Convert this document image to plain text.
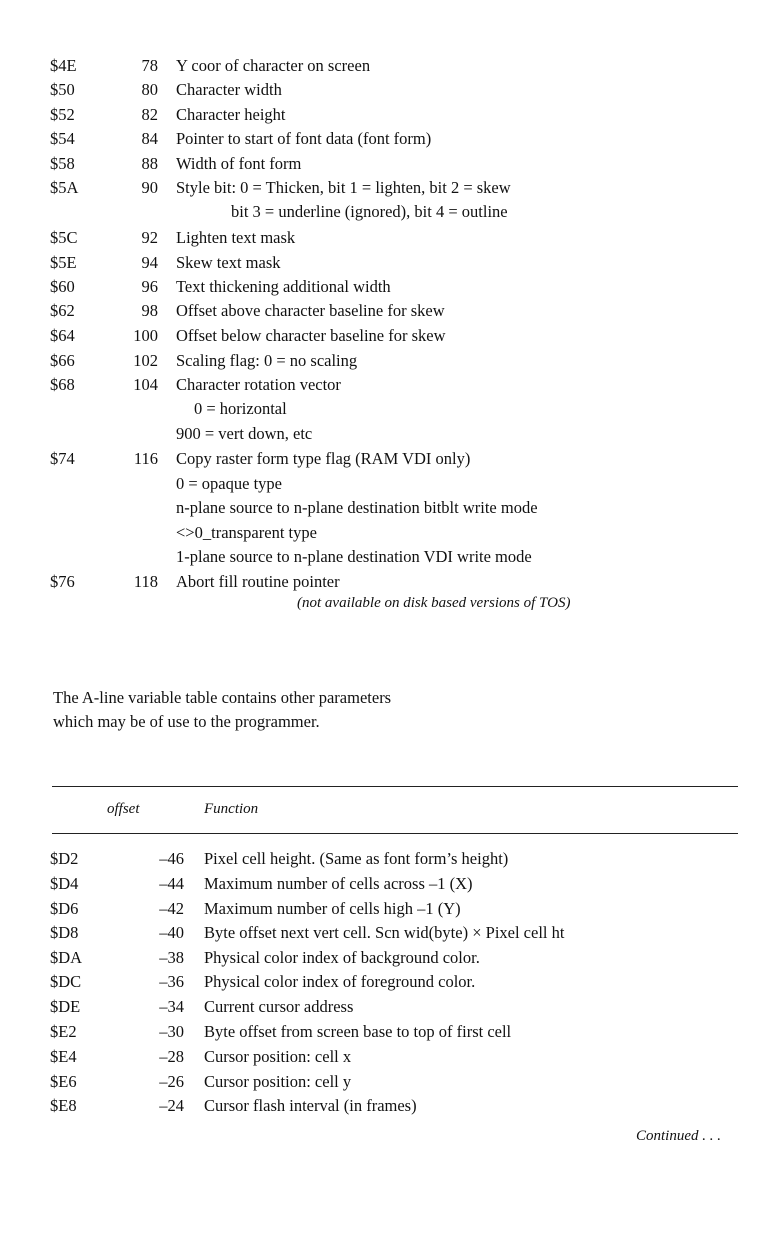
$4E	78 Y coor of character on screen
$50	80 Character width
$52	82 Character height
$54	84 Pointer to start of font data (font form)
$58	88 Width of font form
$5A	90 Style bit: 0 = Thicken, bit 1 = lighten, bit 2 = skew
bit 3 = underline (ignored), bit 4 = outline
$5C	92 Lighten text mask
$5E	94 Skew text mask
$60	96 Text thickening additional width
$62	98 Offset above character baseline for skew
$64	100 Offset below character baseline for skew
$66	102 Scaling flag: 0 = no scaling
$68	104 Character rotation vector
0 = horizontal
900 = vert down, etc
$74	116 Copy raster form type flag (RAM VDI only)
0 = opaque type
n-plane source to n-plane destination bitblt write mode
<>0_transparent type
1-plane source to n-plane destination VDI write mode
$76	118 Abort fill routine pointer
(not available on disk based versions of TOS)
The A-line variable table contains other parameters
which may be of use to the programmer.
offset	Function
$D2	–46 Pixel cell height. (Same as font form’s height)
$D4	–44 Maximum number of cells across –1 (X)
$D6	–42 Maximum number of cells high –1 (Y)
$D8	–40 Byte offset next vert cell. Scn wid(byte) × Pixel cell ht
$DA	–38 Physical color index of background color.
$DC	–36 Physical color index of foreground color.
$DE	–34 Current cursor address
$E2	–30 Byte offset from screen base to top of first cell
$E4	–28 Cursor position: cell x
$E6	–26 Cursor position: cell y
$E8	–24 Cursor flash interval (in frames)
Continued . . .
